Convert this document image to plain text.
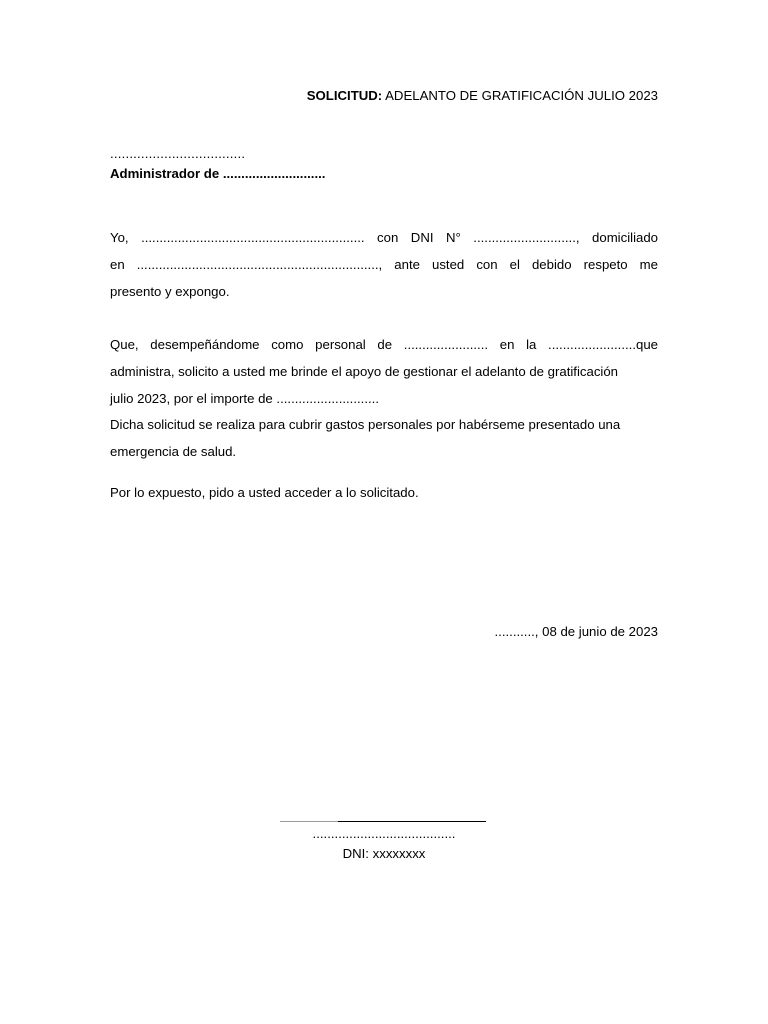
SOLICITUD: ADELANTO DE GRATIFICACIÓN JULIO 2023
...................................
Administrador de ............................
Yo, ............................................................. con DNI N° ............................, domiciliado
en .................................................................., ante usted con el debido respeto me
presento y expongo.
Que, desempeñándome como personal de ....................... en la ........................que
administra, solicito a usted me brinde el apoyo de gestionar el adelanto de gratificación
julio 2023, por el importe de ............................
Dicha solicitud se realiza para cubrir gastos personales por habérseme presentado una
emergencia de salud.
Por lo expuesto, pido a usted acceder a lo solicitado.
..........., 08 de junio de 2023
.......................................
DNI: xxxxxxxx
